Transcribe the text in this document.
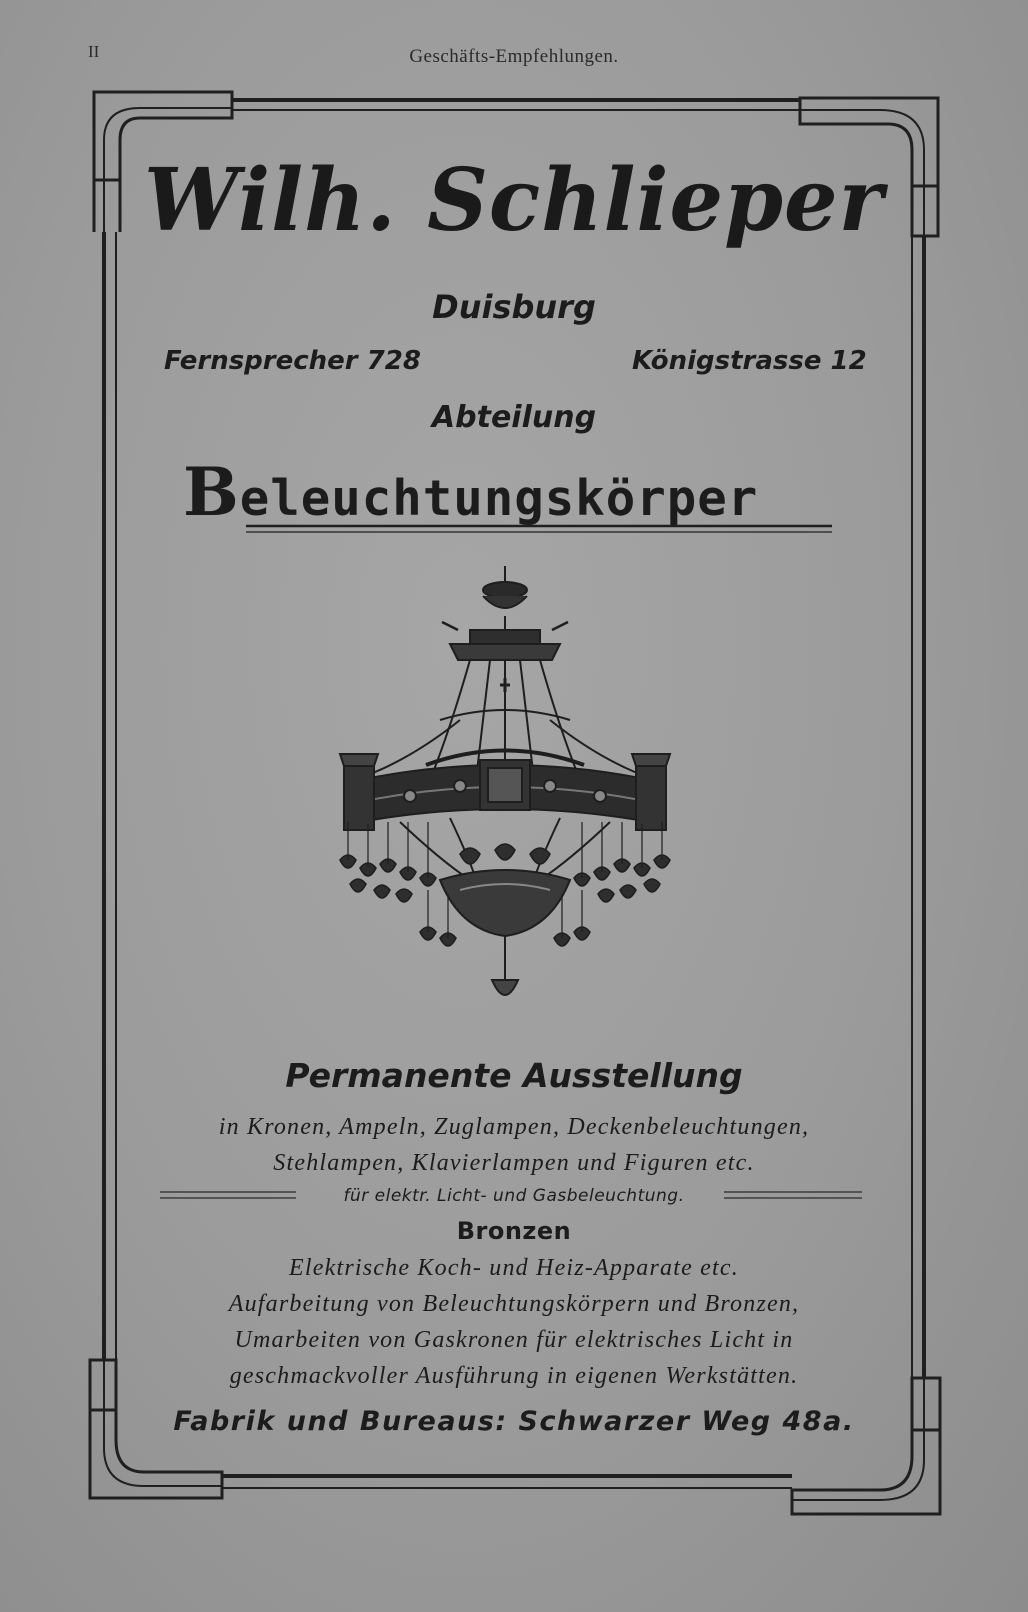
II	Geschäfts-Empfehlungen.
Wilh. Schlieper
Duisburg
Fernsprecher 728	Königstrasse 12
Abteilung
Beleuchtungskörper
Permanente Ausstellung
in Kronen, Ampeln, Zuglampen, Deckenbeleuchtungen,
Stehlampen, Klavierlampen und Figuren etc.
für elektr. Licht- und Gasbeleuchtung.
Bronzen
Elektrische Koch- und Heiz-Apparate etc.
Aufarbeitung von Beleuchtungskörpern und Bronzen,
Umarbeiten von Gaskronen für elektrisches Licht in
geschmackvoller Ausführung in eigenen Werkstätten.
Fabrik und Bureaus: Schwarzer Weg 48a.
